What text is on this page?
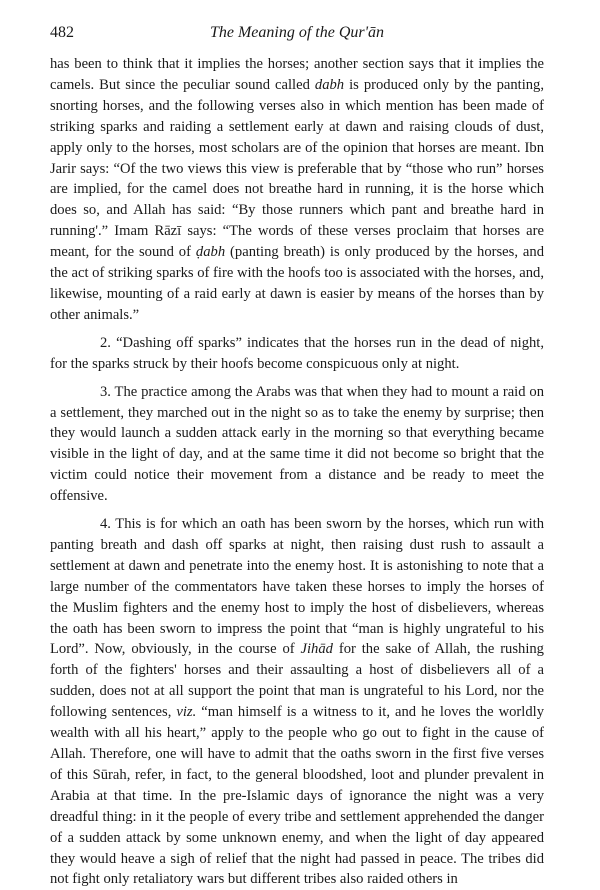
482	The Meaning of the Qur'ān

has been to think that it implies the horses; another section says that it implies the camels. But since the peculiar sound called dabh is produced only by the panting, snorting horses, and the following verses also in which mention has been made of striking sparks and raiding a settlement early at dawn and raising clouds of dust, apply only to the horses, most scholars are of the opinion that horses are meant. Ibn Jarir says: “Of the two views this view is preferable that by “those who run” horses are implied, for the camel does not breathe hard in running, it is the horse which does so, and Allah has said: “By those runners which pant and breathe hard in running'.” Imam Rāzī says: “The words of these verses proclaim that horses are meant, for the sound of ḍabh (panting breath) is only produced by the horses, and the act of striking sparks of fire with the hoofs too is associated with the horses, and, likewise, mounting of a raid early at dawn is easier by means of the horses than by other animals.”

2. “Dashing off sparks” indicates that the horses run in the dead of night, for the sparks struck by their hoofs become conspicuous only at night.

3. The practice among the Arabs was that when they had to mount a raid on a settlement, they marched out in the night so as to take the enemy by surprise; then they would launch a sudden attack early in the morning so that everything became visible in the light of day, and at the same time it did not become so bright that the victim could notice their movement from a distance and be ready to meet the offensive.

4. This is for which an oath has been sworn by the horses, which run with panting breath and dash off sparks at night, then raising dust rush to assault a settlement at dawn and penetrate into the enemy host. It is astonishing to note that a large number of the commentators have taken these horses to imply the horses of the Muslim fighters and the enemy host to imply the host of disbelievers, whereas the oath has been sworn to impress the point that “man is highly ungrateful to his Lord”. Now, obviously, in the course of Jihād for the sake of Allah, the rushing forth of the fighters' horses and their assaulting a host of disbelievers all of a sudden, does not at all support the point that man is ungrateful to his Lord, nor the following sentences, viz. “man himself is a witness to it, and he loves the worldly wealth with all his heart,” apply to the people who go out to fight in the cause of Allah. Therefore, one will have to admit that the oaths sworn in the first five verses of this Sūrah, refer, in fact, to the general bloodshed, loot and plunder prevalent in Arabia at that time. In the pre-Islamic days of ignorance the night was a very dreadful thing: in it the people of every tribe and settlement apprehended the danger of a sudden attack by some unknown enemy, and when the light of day appeared they would heave a sigh of relief that the night had passed in peace. The tribes did not fight only retaliatory wars but different tribes also raided others in
